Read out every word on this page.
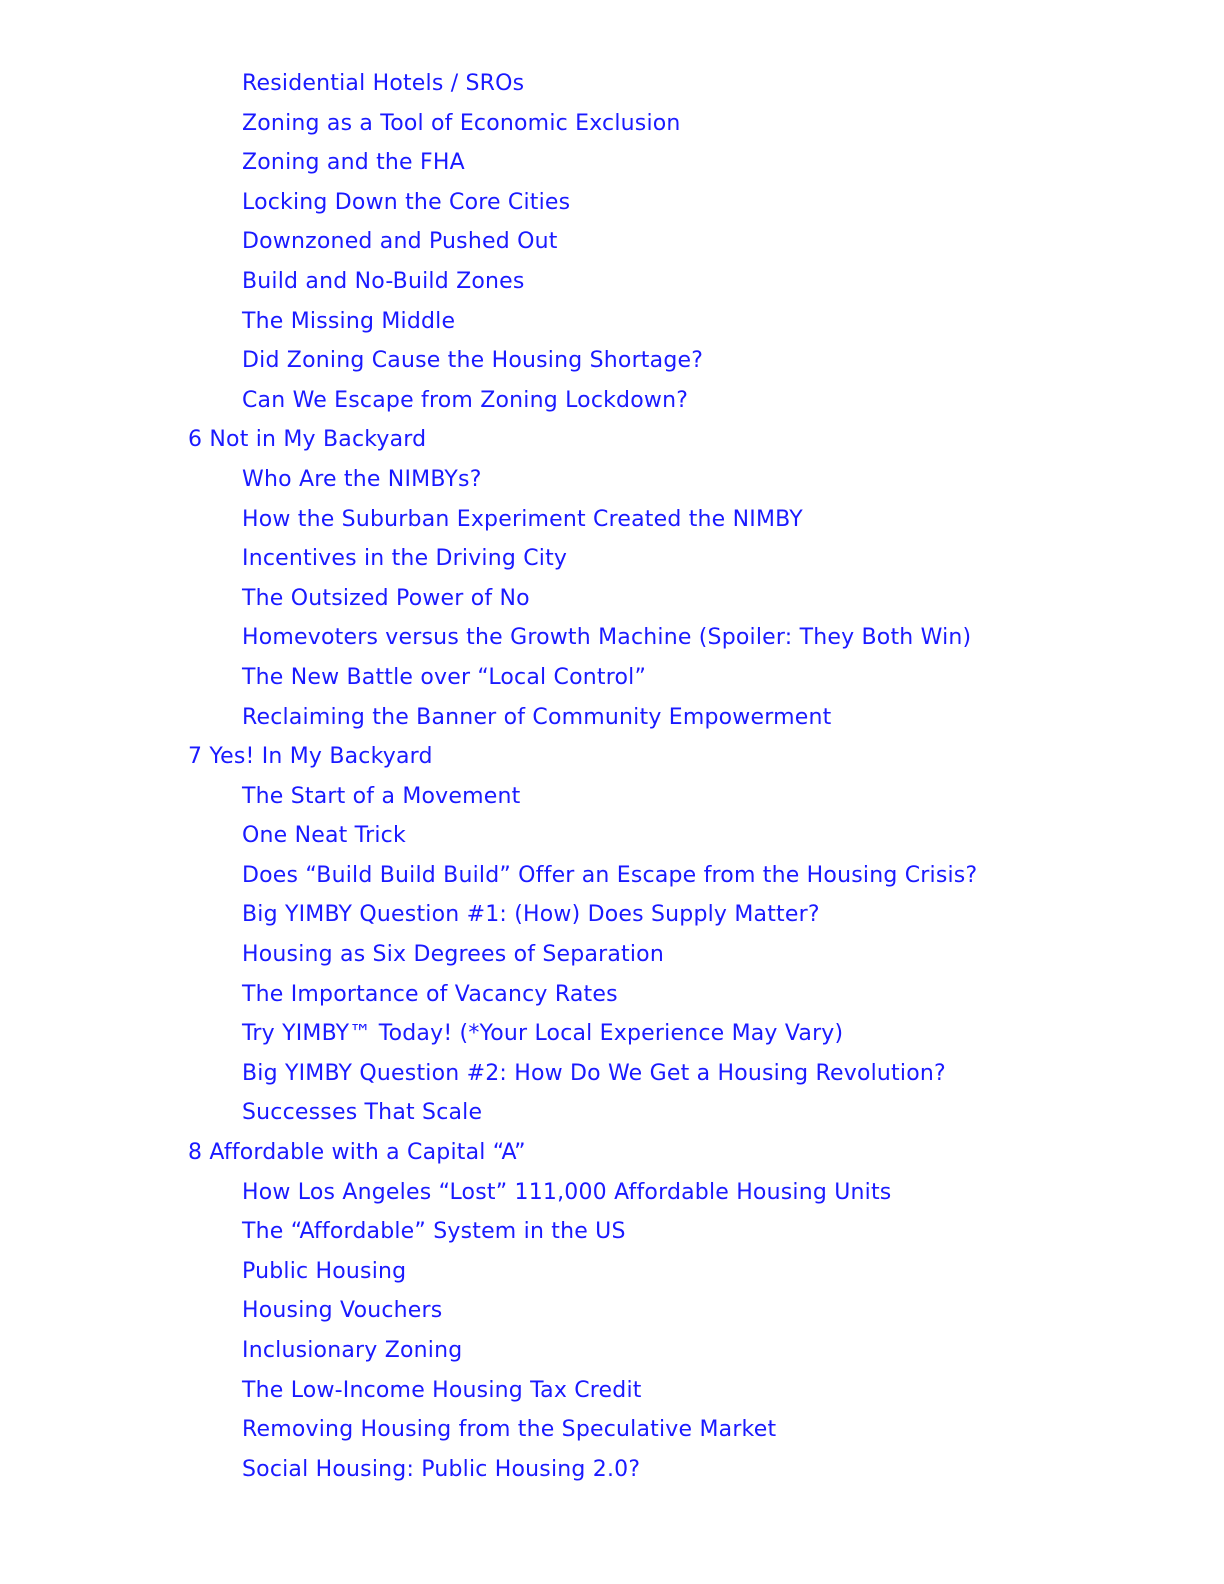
Residential Hotels / SROs
Zoning as a Tool of Economic Exclusion
Zoning and the FHA
Locking Down the Core Cities
Downzoned and Pushed Out
Build and No-Build Zones
The Missing Middle
Did Zoning Cause the Housing Shortage?
Can We Escape from Zoning Lockdown?
6 Not in My Backyard
Who Are the NIMBYs?
How the Suburban Experiment Created the NIMBY
Incentives in the Driving City
The Outsized Power of No
Homevoters versus the Growth Machine (Spoiler: They Both Win)
The New Battle over “Local Control”
Reclaiming the Banner of Community Empowerment
7 Yes! In My Backyard
The Start of a Movement
One Neat Trick
Does “Build Build Build” Offer an Escape from the Housing Crisis?
Big YIMBY Question #1: (How) Does Supply Matter?
Housing as Six Degrees of Separation
The Importance of Vacancy Rates
Try YIMBY™ Today! (*Your Local Experience May Vary)
Big YIMBY Question #2: How Do We Get a Housing Revolution?
Successes That Scale
8 Affordable with a Capital “A”
How Los Angeles “Lost” 111,000 Affordable Housing Units
The “Affordable” System in the US
Public Housing
Housing Vouchers
Inclusionary Zoning
The Low-Income Housing Tax Credit
Removing Housing from the Speculative Market
Social Housing: Public Housing 2.0?
